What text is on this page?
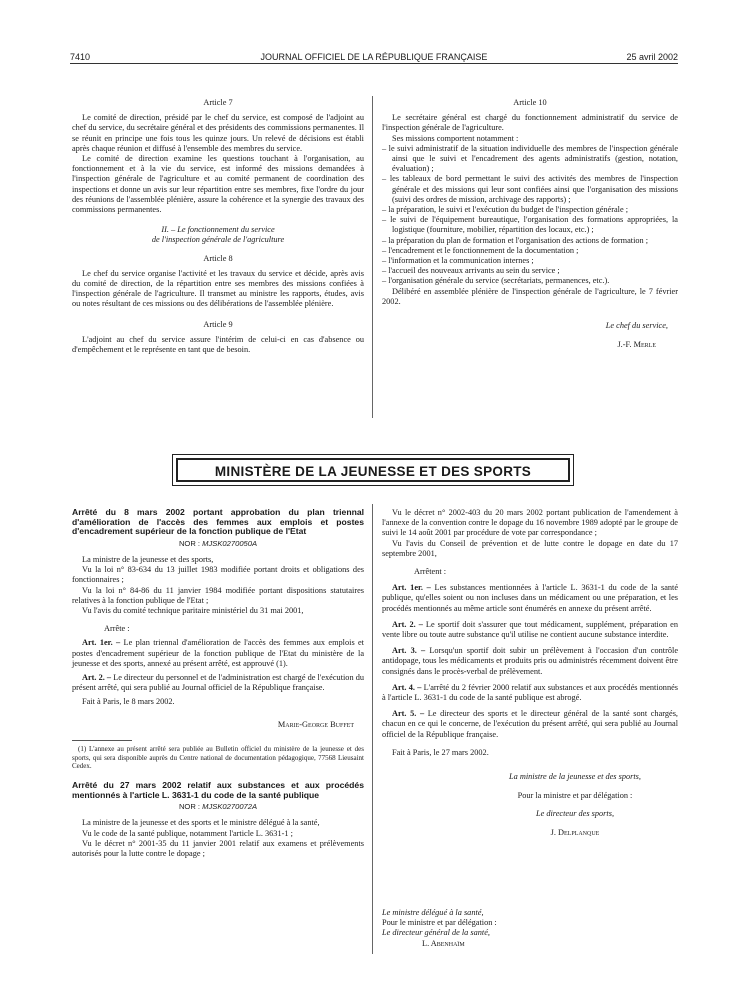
7410	JOURNAL OFFICIEL DE LA RÉPUBLIQUE FRANÇAISE	25 avril 2002

Article 7

Le comité de direction, présidé par le chef du service, est composé de l'adjoint au chef du service, du secrétaire général et des présidents des commissions permanentes. Il se réunit en principe une fois tous les quinze jours. Un relevé de décisions est établi après chaque réunion et diffusé à l'ensemble des membres du service.

Le comité de direction examine les questions touchant à l'organisation, au fonctionnement et à la vie du service, est informé des missions demandées à l'inspection générale de l'agriculture et au comité permanent de coordination des inspections et donne un avis sur leur répartition entre ses membres, fixe l'ordre du jour des réunions de l'assemblée plénière, assure la cohérence et la synergie des travaux des commissions permanentes.

II. – Le fonctionnement du service
de l'inspection générale de l'agriculture

Article 8

Le chef du service organise l'activité et les travaux du service et décide, après avis du comité de direction, de la répartition entre ses membres des missions confiées à l'inspection générale de l'agriculture. Il transmet au ministre les rapports, études, avis ou notes résultant de ces missions ou des délibérations de l'assemblée plénière.

Article 9

L'adjoint au chef du service assure l'intérim de celui-ci en cas d'absence ou d'empêchement et le représente en tant que de besoin.

Article 10

Le secrétaire général est chargé du fonctionnement administratif du service de l'inspection générale de l'agriculture.

Ses missions comportent notamment :

– le suivi administratif de la situation individuelle des membres de l'inspection générale ainsi que le suivi et l'encadrement des agents administratifs (gestion, notation, évaluation) ;

– les tableaux de bord permettant le suivi des activités des membres de l'inspection générale et des missions qui leur sont confiées ainsi que l'organisation des missions (suivi des ordres de mission, archivage des rapports) ;

– la préparation, le suivi et l'exécution du budget de l'inspection générale ;

– le suivi de l'équipement bureautique, l'organisation des formations appropriées, la logistique (fourniture, mobilier, répartition des locaux, etc.) ;

– la préparation du plan de formation et l'organisation des actions de formation ;

– l'encadrement et le fonctionnement de la documentation ;

– l'information et la communication internes ;

– l'accueil des nouveaux arrivants au sein du service ;

– l'organisation générale du service (secrétariats, permanences, etc.).

Délibéré en assemblée plénière de l'inspection générale de l'agriculture, le 7 février 2002.

Le chef du service,

J.-F. Merle

MINISTÈRE DE LA JEUNESSE ET DES SPORTS

Arrêté du 8 mars 2002 portant approbation du plan triennal d'amélioration de l'accès des femmes aux emplois et postes d'encadrement supérieur de la fonction publique de l'Etat

NOR : MJSK0270050A

La ministre de la jeunesse et des sports,

Vu la loi n° 83-634 du 13 juillet 1983 modifiée portant droits et obligations des fonctionnaires ;

Vu la loi n° 84-86 du 11 janvier 1984 modifiée portant dispositions statutaires relatives à la fonction publique de l'Etat ;

Vu l'avis du comité technique paritaire ministériel du 31 mai 2001,

Arrête :

Art. 1er. – Le plan triennal d'amélioration de l'accès des femmes aux emplois et postes d'encadrement supérieur de la fonction publique de l'Etat du ministère de la jeunesse et des sports, annexé au présent arrêté, est approuvé (1).

Art. 2. – Le directeur du personnel et de l'administration est chargé de l'exécution du présent arrêté, qui sera publié au Journal officiel de la République française.

Fait à Paris, le 8 mars 2002.

Marie-George Buffet

(1) L'annexe au présent arrêté sera publiée au Bulletin officiel du ministère de la jeunesse et des sports, qui sera disponible auprès du Centre national de documentation pédagogique, 77568 Lieusaint Cedex.

Arrêté du 27 mars 2002 relatif aux substances et aux procédés mentionnés à l'article L. 3631-1 du code de la santé publique

NOR : MJSK0270072A

La ministre de la jeunesse et des sports et le ministre délégué à la santé,

Vu le code de la santé publique, notamment l'article L. 3631-1 ;

Vu le décret n° 2001-35 du 11 janvier 2001 relatif aux examens et prélèvements autorisés pour la lutte contre le dopage ;

Vu le décret n° 2002-403 du 20 mars 2002 portant publication de l'amendement à l'annexe de la convention contre le dopage du 16 novembre 1989 adopté par le groupe de suivi le 14 août 2001 par procédure de vote par correspondance ;

Vu l'avis du Conseil de prévention et de lutte contre le dopage en date du 17 septembre 2001,

Arrêtent :

Art. 1er. – Les substances mentionnées à l'article L. 3631-1 du code de la santé publique, qu'elles soient ou non incluses dans un médicament ou une préparation, et les procédés mentionnés au même article sont énumérés en annexe du présent arrêté.

Art. 2. – Le sportif doit s'assurer que tout médicament, supplément, préparation en vente libre ou toute autre substance qu'il utilise ne contient aucune substance interdite.

Art. 3. – Lorsqu'un sportif doit subir un prélèvement à l'occasion d'un contrôle antidopage, tous les médicaments et produits pris ou administrés récemment doivent être consignés dans le procès-verbal de prélèvement.

Art. 4. – L'arrêté du 2 février 2000 relatif aux substances et aux procédés mentionnés à l'article L. 3631-1 du code de la santé publique est abrogé.

Art. 5. – Le directeur des sports et le directeur général de la santé sont chargés, chacun en ce qui le concerne, de l'exécution du présent arrêté, qui sera publié au Journal officiel de la République française.

Fait à Paris, le 27 mars 2002.

La ministre de la jeunesse et des sports,

Pour la ministre et par délégation :

Le directeur des sports,

J. Delplanque

Le ministre délégué à la santé,

Pour le ministre et par délégation :

Le directeur général de la santé,

L. Abenhaïm
